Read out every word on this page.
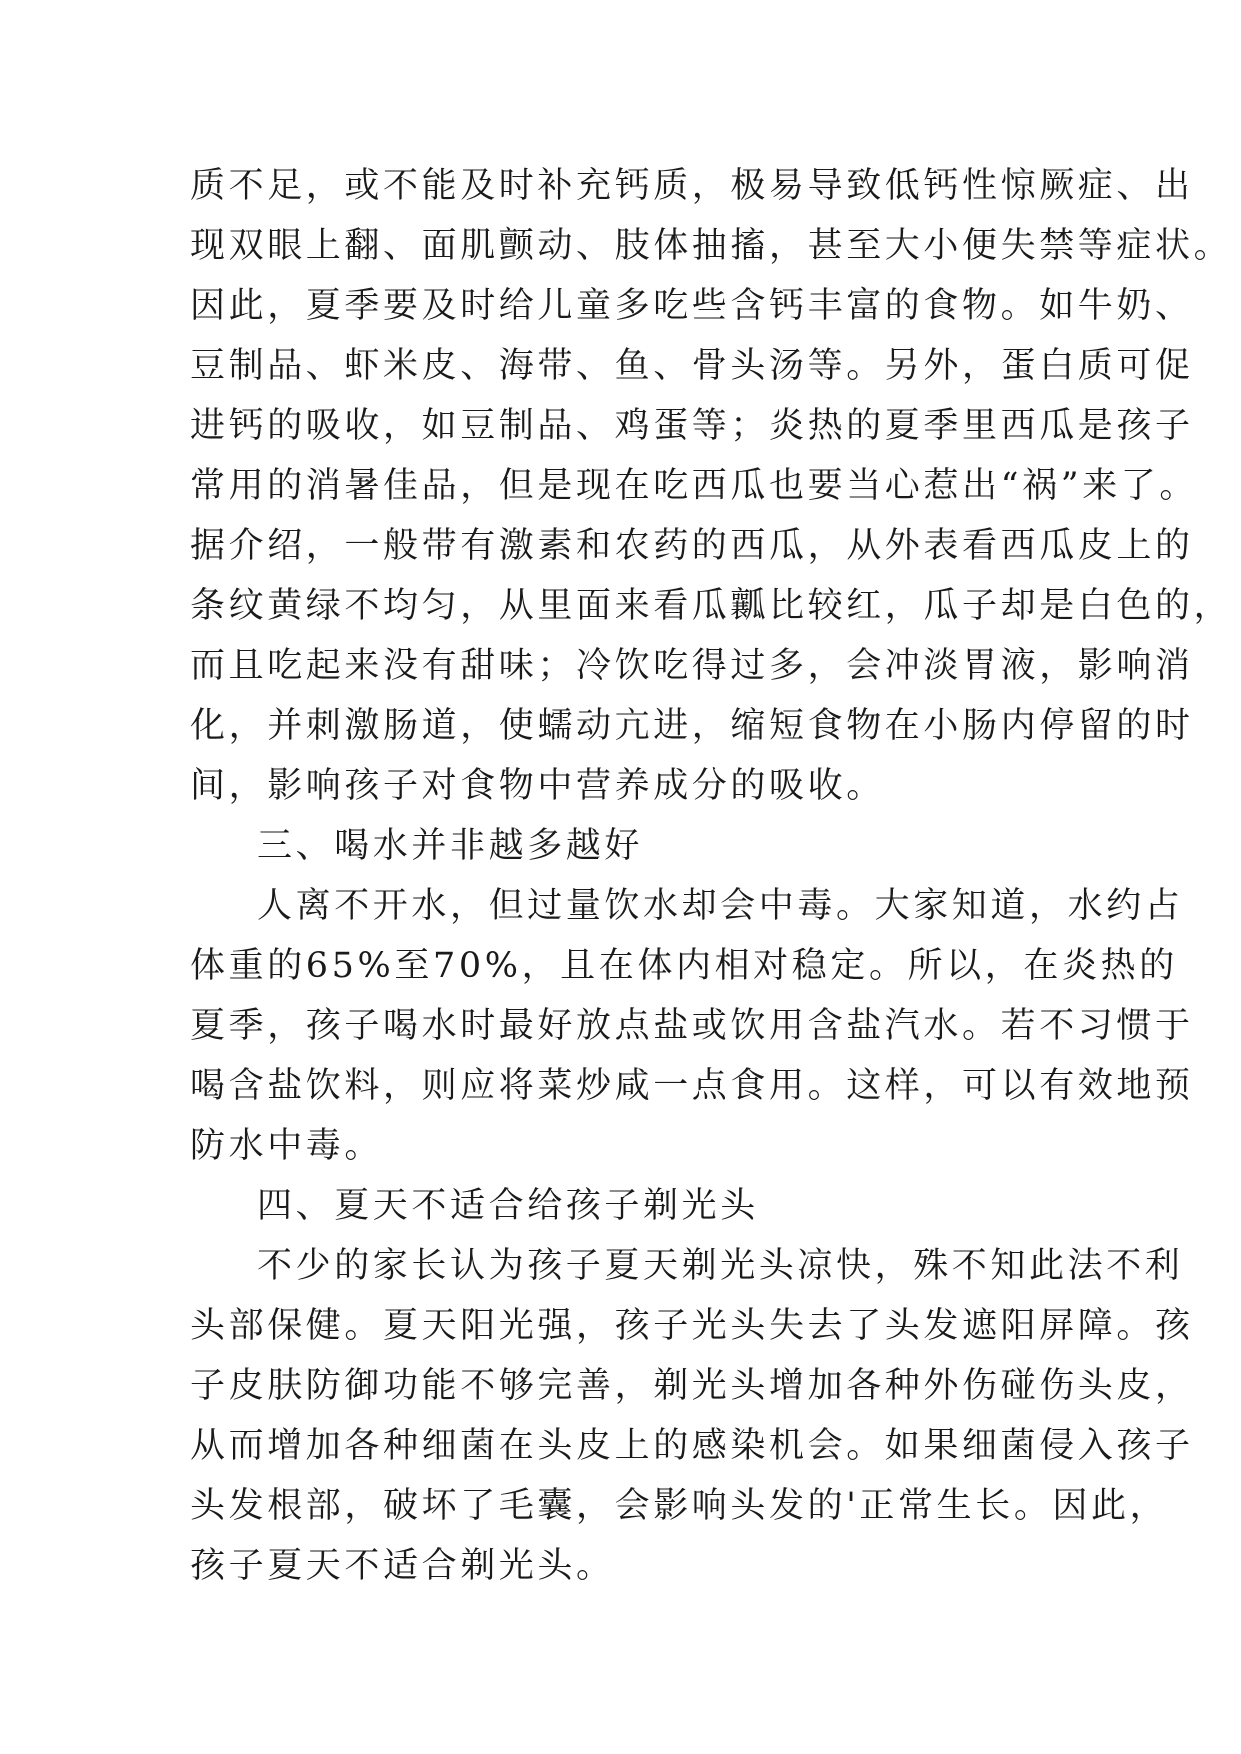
质不足，或不能及时补充钙质，极易导致低钙性惊厥症、出
现双眼上翻、面肌颤动、肢体抽搐，甚至大小便失禁等症状。
因此，夏季要及时给儿童多吃些含钙丰富的食物。如牛奶、
豆制品、虾米皮、海带、鱼、骨头汤等。另外，蛋白质可促
进钙的吸收，如豆制品、鸡蛋等；炎热的夏季里西瓜是孩子
常用的消暑佳品，但是现在吃西瓜也要当心惹出“祸”来了。
据介绍，一般带有激素和农药的西瓜，从外表看西瓜皮上的
条纹黄绿不均匀，从里面来看瓜瓤比较红，瓜子却是白色的，
而且吃起来没有甜味；冷饮吃得过多，会冲淡胃液，影响消
化，并刺激肠道，使蠕动亢进，缩短食物在小肠内停留的时
间，影响孩子对食物中营养成分的吸收。
三、喝水并非越多越好
人离不开水，但过量饮水却会中毒。大家知道，水约占
体重的65%至70%，且在体内相对稳定。所以，在炎热的
夏季，孩子喝水时最好放点盐或饮用含盐汽水。若不习惯于
喝含盐饮料，则应将菜炒咸一点食用。这样，可以有效地预
防水中毒。
四、夏天不适合给孩子剃光头
不少的家长认为孩子夏天剃光头凉快，殊不知此法不利
头部保健。夏天阳光强，孩子光头失去了头发遮阳屏障。孩
子皮肤防御功能不够完善，剃光头增加各种外伤碰伤头皮，
从而增加各种细菌在头皮上的感染机会。如果细菌侵入孩子
头发根部，破坏了毛囊，会影响头发的'正常生长。因此，
孩子夏天不适合剃光头。
